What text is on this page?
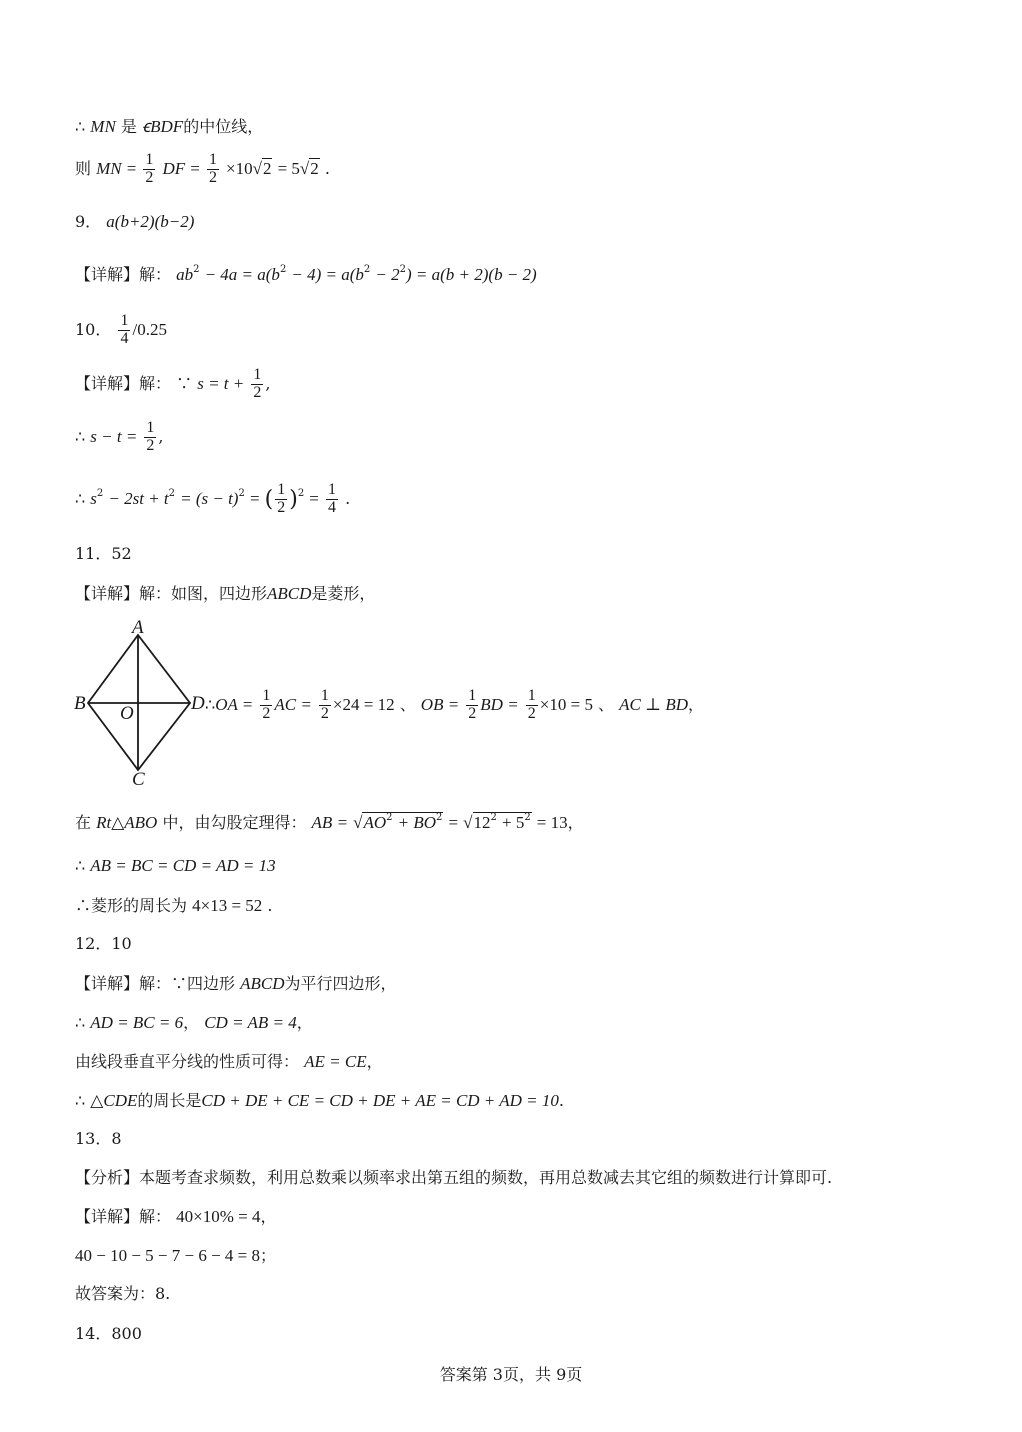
∴ MN 是 ꞓBDF的中位线，
则 MN = $\frac{1}{2}$ DF = $\frac{1}{2} \times 10√2 = 5√2$ .
9． a(b+2)(b−2)
【详解】解： $ab^2 - 4a = a(b^2 - 4) = a(b^2 - 2^2) = a(b + 2)(b - 2)$
10． $\frac{1}{4} /0.25$
【详解】解： ∵ $s = t + \frac{1}{2}$ ,
∴ $s - t = \frac{1}{2}$ ,
∴ $s^2 - 2st + t^2 = (s - t)^2$ = ( $\frac{1}{2} )^2 = \frac{1}{4}$ .
11．52
【详解】解：如图，四边形ABCD是菱形，
A
B	D
C
O	∴OA = $\frac{1}{2}$ AC = $\frac{1}{2} \times 24 = 12$ 、 OB = $\frac{1}{2}$ BD = $\frac{1}{2} \times 10 = 5$ 、 AC ⊥ BD，
在 Rt△ABO 中，由勾股定理得： AB = $√AO^2 + BO^2 = √12^2 + 5^2 = 13$，
∴ AB = BC = CD = AD = 13
∴菱形的周长为 4×13 = 52 .
12．10
【详解】解：∵四边形 ABCD为平行四边形，
∴ AD = BC = 6， CD = AB = 4，
由线段垂直平分线的性质可得： AE = CE，
∴ △CDE的周长是CD + DE + CE = CD + DE + AE = CD + AD = 10.
13．8
【分析】本题考查求频数，利用总数乘以频率求出第五组的频数，再用总数减去其它组的频数进行计算即可.
【详解】解： 40×10% = 4，
40 − 10 − 5 − 7 − 6 − 4 = 8；
故答案为：8.
14．800
答案第 3页，共 9页
